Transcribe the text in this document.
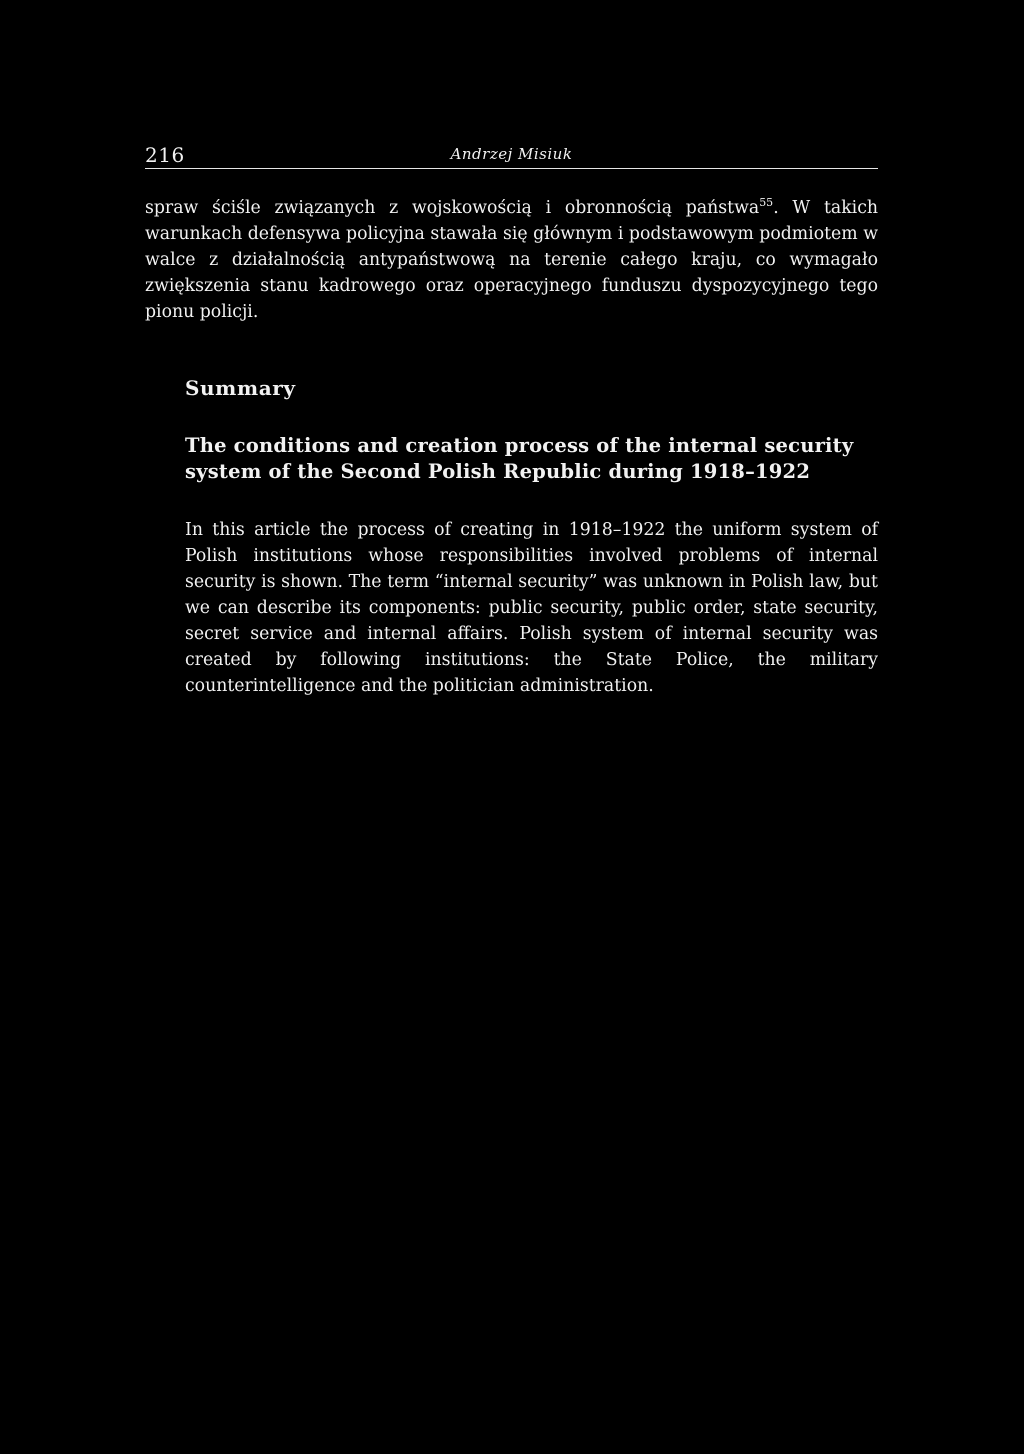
216	Andrzej Misiuk

spraw ściśle związanych z wojskowością i obronnością państwa$^{55}$. W takich warunkach defensywa policyjna stawała się głównym i podstawowym podmiotem w walce z działalnością antypaństwową na terenie całego kraju, co wymagało zwiększenia stanu kadrowego oraz operacyjnego funduszu dyspozycyjnego tego pionu policji.

Summary
The conditions and creation process of the internal security system of the Second Polish Republic during 1918–1922

In this article the process of creating in 1918–1922 the uniform system of Polish institutions whose responsibilities involved problems of internal security is shown. The term “internal security” was unknown in Polish law, but we can describe its components: public security, public order, state security, secret service and internal affairs. Polish system of internal security was created by following institutions: the State Police, the military counterintelligence and the politician administration.
